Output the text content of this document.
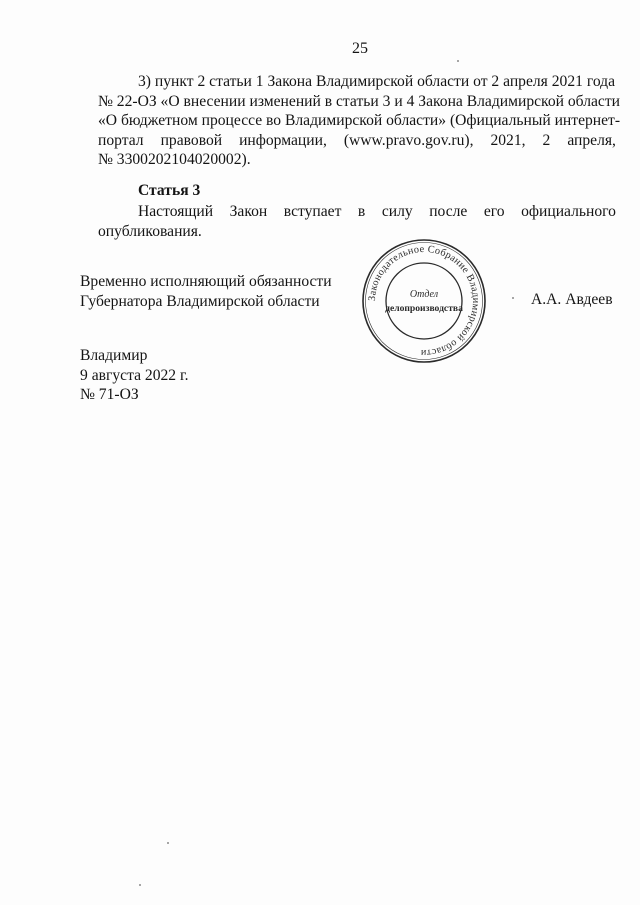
25
3) пункт 2 статьи 1 Закона Владимирской области от 2 апреля 2021 года
№ 22-ОЗ «О внесении изменений в статьи 3 и 4 Закона Владимирской области
«О бюджетном процессе во Владимирской области» (Официальный интернет-
портал правовой информации, (www.pravo.gov.ru), 2021, 2 апреля,
№ 3300202104020002).
Статья 3
Настоящий Закон вступает в силу после его официального
опубликования.
Временно исполняющий обязанности
Губернатора Владимирской области	Законодательное Собрание Владимирской области
Отдел
делопроизводства
А.А. Авдеев
Владимир
9 августа 2022 г.
№ 71-ОЗ
